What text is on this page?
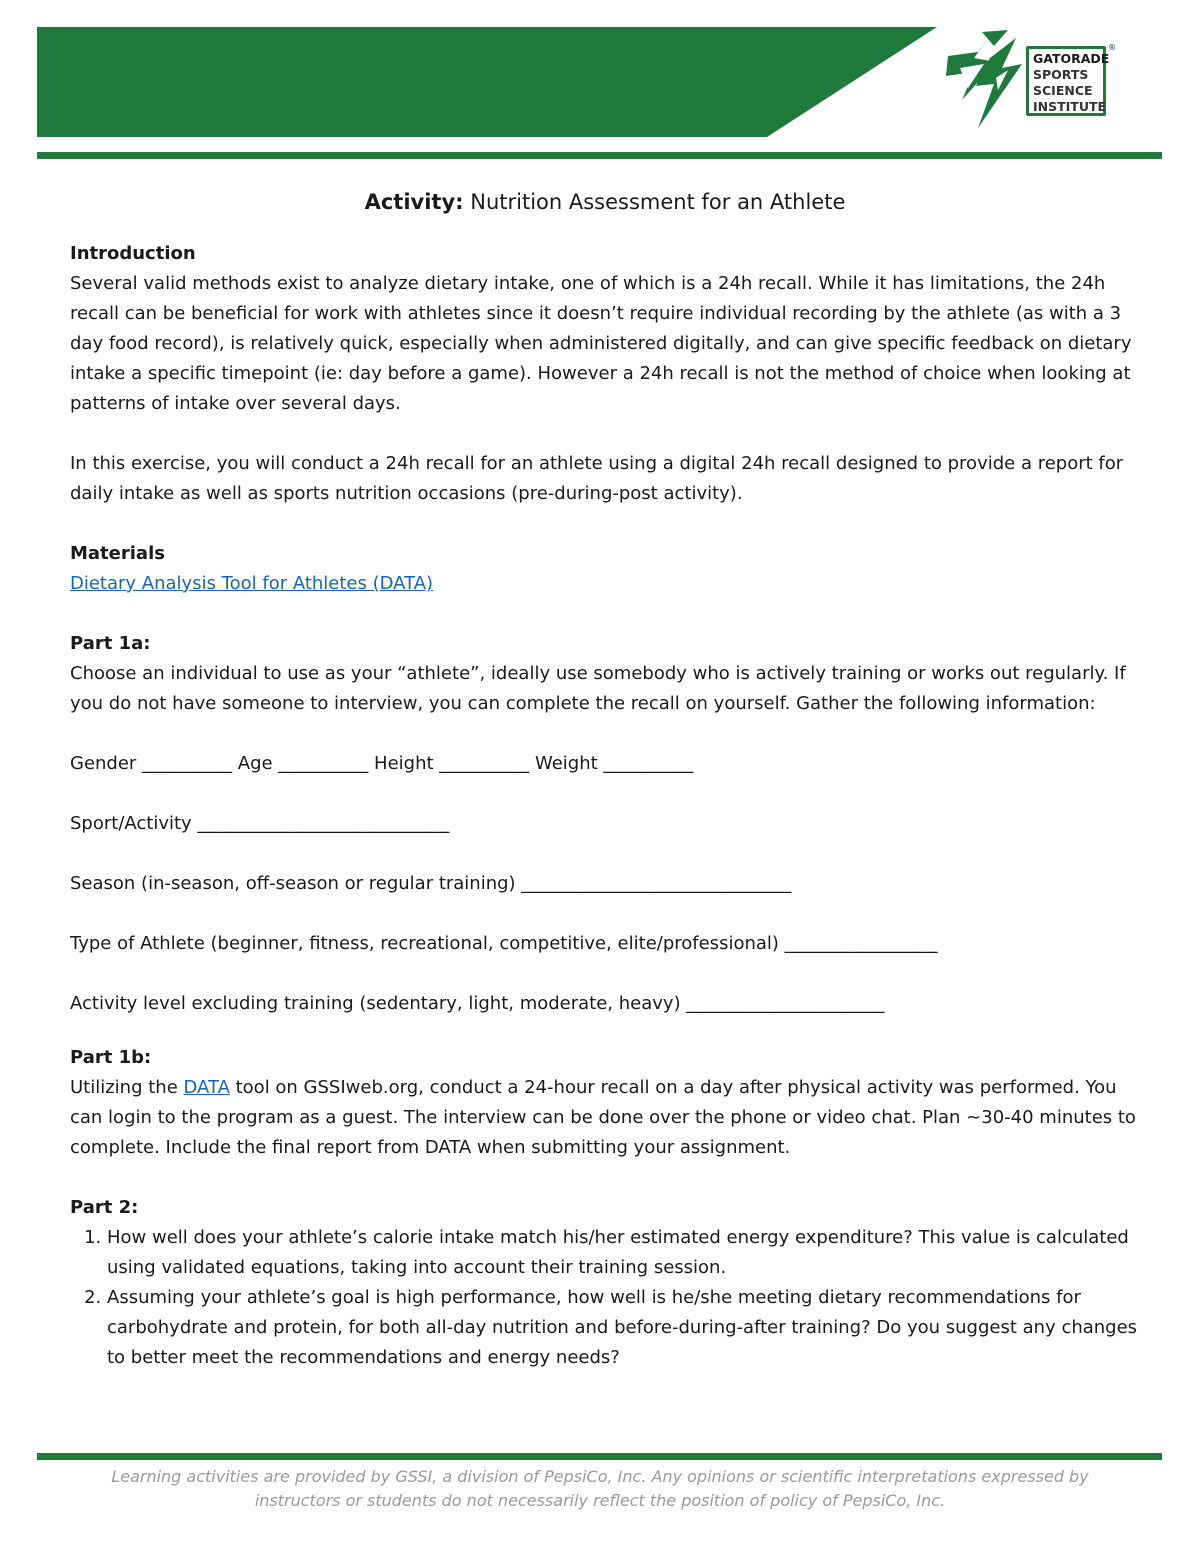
GATORADE
SPORTS
SCIENCE
INSTITUTE
®
Activity: Nutrition Assessment for an Athlete

Introduction

Several valid methods exist to analyze dietary intake, one of which is a 24h recall. While it has limitations, the 24h recall can be beneficial for work with athletes since it doesn’t require individual recording by the athlete (as with a 3 day food record), is relatively quick, especially when administered digitally, and can give specific feedback on dietary intake a specific timepoint (ie: day before a game). However a 24h recall is not the method of choice when looking at patterns of intake over several days.

In this exercise, you will conduct a 24h recall for an athlete using a digital 24h recall designed to provide a report for daily intake as well as sports nutrition occasions (pre-during-post activity).

Materials

Dietary Analysis Tool for Athletes (DATA)

Part 1a:

Choose an individual to use as your “athlete”, ideally use somebody who is actively training or works out regularly. If you do not have someone to interview, you can complete the recall on yourself. Gather the following information:

Gender __________ Age __________ Height __________ Weight __________

Sport/Activity ____________________________

Season (in-season, off-season or regular training) ______________________________

Type of Athlete (beginner, fitness, recreational, competitive, elite/professional) _________________

Activity level excluding training (sedentary, light, moderate, heavy) ______________________

Part 1b:

Utilizing the DATA tool on GSSIweb.org, conduct a 24-hour recall on a day after physical activity was performed. You can login to the program as a guest. The interview can be done over the phone or video chat. Plan ~30-40 minutes to complete. Include the final report from DATA when submitting your assignment.

Part 2:

1. How well does your athlete’s calorie intake match his/her estimated energy expenditure? This value is calculated using validated equations, taking into account their training session.
2. Assuming your athlete’s goal is high performance, how well is he/she meeting dietary recommendations for carbohydrate and protein, for both all-day nutrition and before-during-after training? Do you suggest any changes to better meet the recommendations and energy needs?
Learning activities are provided by GSSI, a division of PepsiCo, Inc. Any opinions or scientific interpretations expressed by
instructors or students do not necessarily reflect the position of policy of PepsiCo, Inc.
